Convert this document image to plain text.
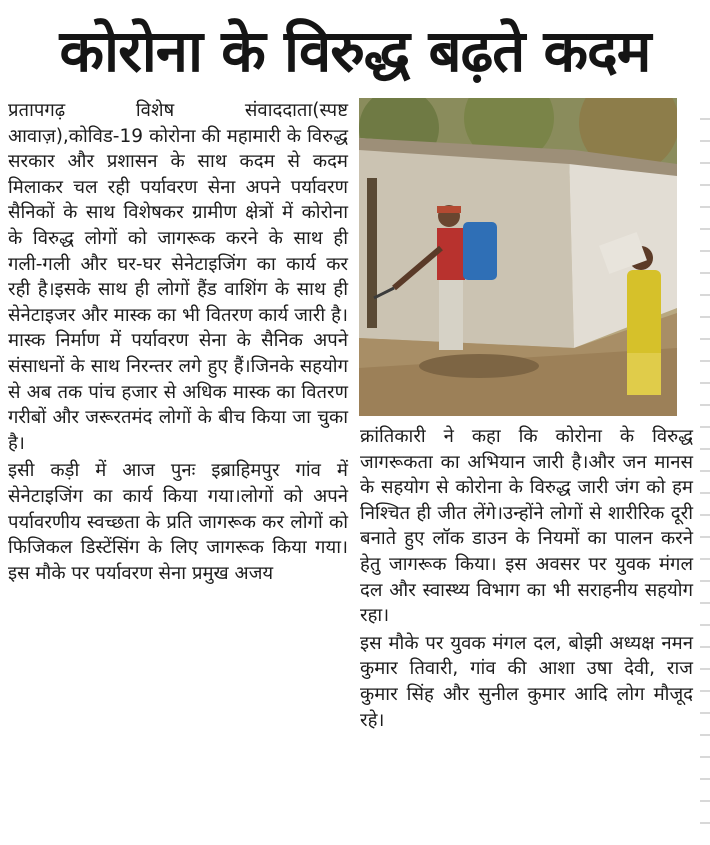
कोरोना के विरुद्ध बढ़ते कदम

प्रतापगढ़ विशेष संवाददाता(स्पष्ट आवाज़),कोविड-19 कोरोना की महामारी के विरुद्ध सरकार और प्रशासन के साथ कदम से कदम मिलाकर चल रही पर्यावरण सेना अपने पर्यावरण सैनिकों के साथ विशेषकर ग्रामीण क्षेत्रों में कोरोना के विरुद्ध लोगों को जागरूक करने के साथ ही गली-गली और घर-घर सेनेटाइजिंग का कार्य कर रही है।इसके साथ ही लोगों हैंड वाशिंग के साथ ही सेनेटाइजर और मास्क का भी वितरण कार्य जारी है।मास्क निर्माण में पर्यावरण सेना के सैनिक अपने संसाधनों के साथ निरन्तर लगे हुए हैं।जिनके सहयोग से अब तक पांच हजार से अधिक मास्क का वितरण गरीबों और जरूरतमंद लोगों के बीच किया जा चुका है।

इसी कड़ी में आज पुनः इब्राहिमपुर गांव में सेनेटाइजिंग का कार्य किया गया।लोगों को अपने पर्यावरणीय स्वच्छता के प्रति जागरूक कर लोगों को फिजिकल डिस्टेंसिंग के लिए जागरूक किया गया। इस मौके पर पर्यावरण सेना प्रमुख अजय

क्रांतिकारी ने कहा कि कोरोना के विरुद्ध जागरूकता का अभियान जारी है।और जन मानस के सहयोग से कोरोना के विरुद्ध जारी जंग को हम निश्चित ही जीत लेंगे।उन्होंने लोगों से शारीरिक दूरी बनाते हुए लॉक डाउन के नियमों का पालन करने हेतु जागरूक किया। इस अवसर पर युवक मंगल दल और स्वास्थ्य विभाग का भी सराहनीय सहयोग रहा।

इस मौके पर युवक मंगल दल, बोझी अध्यक्ष नमन कुमार तिवारी, गांव की आशा उषा देवी, राज कुमार सिंह और सुनील कुमार आदि लोग मौजूद रहे।
